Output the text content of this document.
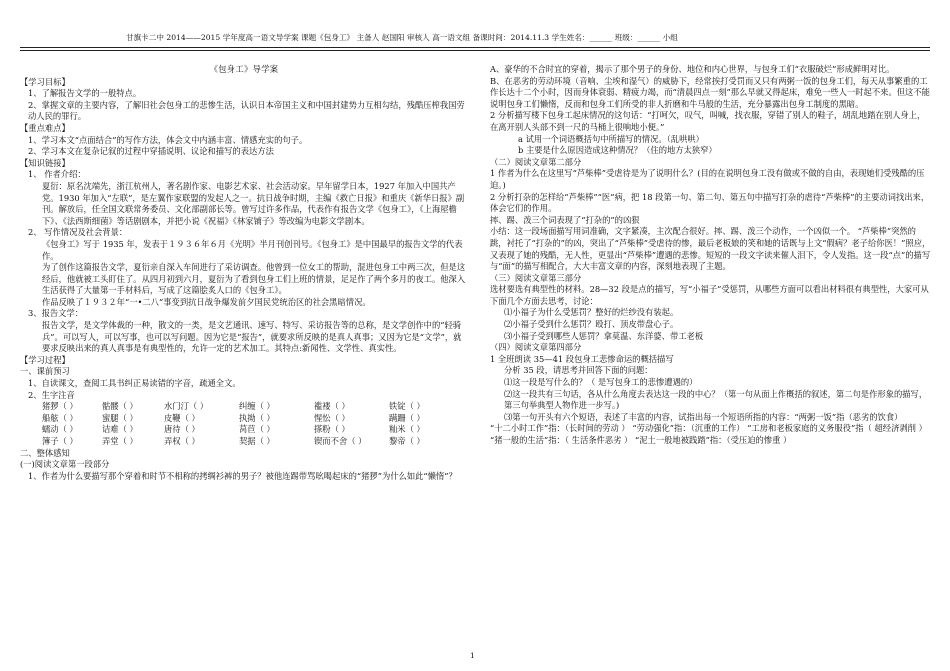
甘旗卡二中 2014——2015 学年度高一语文导学案 课题《包身工》 主备人 赵国阳 审核人 高一语文组 备课时间：2014.11.3 学生姓名：______ 班级：______ 小组

《包身工》导学案

【学习目标】

1、了解报告文学的一般特点。

2、掌握文章的主要内容，了解旧社会包身工的悲惨生活，认识日本帝国主义和中国封建势力互相勾结，残酷压榨我国劳动人民的罪行。

【重点难点】

1、学习本文“点面结合”的写作方法，体会文中内涵丰富、情感充实的句子。

2、学习本文在复杂记叙的过程中穿插说明、议论和描写的表达方法

【知识链接】

1、 作者介绍：

夏衍：原名沈端先，浙江杭州人，著名剧作家、电影艺术家、社会活动家。早年留学日本，1927 年加入中国共产党。1930 年加入“左联”，是左翼作家联盟的发起人之一。抗日战争时期，主编《救亡日报》和重庆《新华日报》副刊。解放后，任全国文联常务委员、文化部副部长等。曾写过许多作品，代表作有报告文学《包身工》，《上海屋檐下》、《法西斯细菌》等话剧剧本，并把小说《祝福》《林家铺子》等改编为电影文学剧本。

2、 写作情况及社会背景：

《包身工》写于 1935 年，发表于１９３６年６月《光明》半月刊创刊号。《包身工》是中国最早的报告文学的代表作。

为了创作这篇报告文学，夏衍亲自深入车间进行了采访调查。他曾到一位女工的帮助，混进包身工中两三次，但是这经后，他就被工头盯住了。从四月初到六月，夏衍为了看到包身工们上班的情景，足足作了两个多月的夜工。他深入生活获得了大量第一手材料后，写成了这篇脍炙人口的《包身工》。

作品反映了１９３２年“一•二八”事变到抗日战争爆发前夕国民党统治区的社会黑暗情况。

3、报告文学：

报告文学，是文学体裁的一种，散文的一类，是文艺通讯、速写、特写、采访报告等的总称，是文学创作中的“轻骑兵”。可以写人，可以写事，也可以写问题。因为它是“报告”，就要求所反映的是真人真事；又因为它是“文学”，就要求反映出来的真人真事是有典型性的，允许一定的艺术加工。其特点:新闻性、文学性、真实性。

【学习过程】

一、课前预习

1、自读课文，查阅工具书纠正易读错的字音，疏通全文。

2、生字注音

猪猡（ ）	骷髅（ ）	水门汀（ ）	纠缠（ ）	褴褛（ ）	铁锭（ ）

船舷（ ）	蜜腿（ ）	皮鞭（ ）	执拗（ ）	惺忪（ ）	蹒跚（ ）

蠕动（ ）	诘难（ ）	唐待（ ）	莴苣（ ）	搽粉（ ）	籼米（ ）

簿子（ ）	弄堂（ ）	弄权（ ）	契据（ ）	锲而不舍（ ）	黎帝（ ）

二、整体感知

(一)阅读文章第一段部分

1、作者为什么要描写那个穿着和时节不相称的拷绸衫裤的男子？被他连踢带骂吆喝起床的“猪猡”为什么如此“懒惰”？

A、豪华的不合时宜的穿着，揭示了那个男子的身份、地位和内心世界，与包身工们“衣服破烂”形成鲜明对比。

B、在恶劣的劳动环境（音响、尘埃和湿气）的威胁下，经常挨打受罚而又只有两粥一饭的包身工们，每天从事繁重的工作长达十二个小时，因而身体衰弱、精疲力竭，而“清晨四点一刻”那么早就又得起床，难免一些人一时起不来。但这不能说明包身工们懒惰，反而和包身工们所受的非人折磨和牛马般的生活，充分暴露出包身工制度的黑暗。

2 分析描写楼下包身工起床情况的这句话：“打呵欠，叹气，叫喊，找衣服，穿错了别人的鞋子，胡乱地踏在别人身上，在离开别人头部不到一尺的马桶上很响地小便。”

a 试用一个词语概括句中所描写的情况。（乱哄哄）

b 主要是什么原因造成这种情况？（住的地方太狭窄）

（二）阅读文章第二部分

1 作者为什么在这里写“芦柴棒”受虐待是为了说明什么？(目的在说明包身工没有做或不做的自由，表现她们受残酷的压迫。)

2 分析打杂的怎样给“芦柴棒”“医”病，把 18 段第一句、第二句、第五句中描写打杂的虐待“芦柴棒”的主要动词找出来，体会它们的作用。

摔、踢、泼三个词表现了“打杂的”的凶狠

小结：这一段场面描写用词准确，文字紧凑，主次配合很好。摔、踢、泼三个动作，一个凶似一个。 “芦柴棒”突然的跳，衬托了“打杂的”的凶，突出了“芦柴棒”受虐待的惨，最后老板娘的笑和她的话既与上文“假病？老子给你医！”照应，又表现了她的残酷，无人性，更显出“芦柴棒”遭遇的悲惨。短短的一段文字读来催人泪下，令人发指。这一段“点”的描写与“面”的描写相配合，大大丰富文章的内容，深刻地表现了主题。

（三）阅读文章第三部分

选材要选有典型性的材料。28—32 段是点的描写，写“小福子”受惩罚，从哪些方面可以看出材料很有典型性，大家可从下面几个方面去思考，讨论：

⑴小福子为什么受惩罚？整好的烂纱没有装起。

⑵小福子受到什么惩罚？殴打、顶皮带盘心子。

⑶小福子受到哪些人惩罚？拿莫温、东洋婆、带工老板

（四）阅读文章第四部分

1 全班朗读 35—41 段包身工悲惨命运的概括描写

分析 35 段，请思考并回答下面的问题：

⑴这一段是写什么的？（ 是写包身工的悲惨遭遇的）

⑵这一段共有三句话，各从什么角度去表达这一段的中心？（第一句从面上作概括的叙述，第二句是作形象的描写，第三句举典型人物作进一步写。)

⑶第一句开头有六个短语，表述了丰富的内容，试指出每一个短语所指的内容：“两粥一饭”指（恶劣的饮食）

“十二小时工作”指：（长时间的劳动 ） “劳动强化”指：（沉重的工作） “工房和老板家庭的义务服役”指（ 超经济剥削 ） “猪一般的生活”指：（ 生活条件恶劣 ） “泥土一般地被践踏”指：（受压迫的惨重 ）

1
